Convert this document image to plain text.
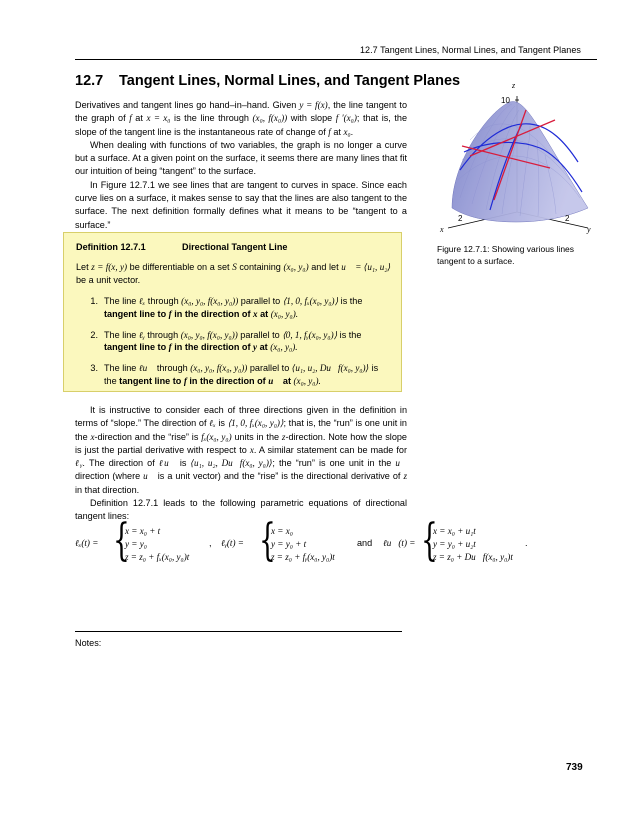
12.7 Tangent Lines, Normal Lines, and Tangent Planes
12.7 Tangent Lines, Normal Lines, and Tangent Planes

Derivatives and tangent lines go hand–in–hand. Given y = f(x), the line tangent to the graph of f at x = x₀ is the line through (x₀, f(x₀)) with slope f ′(x₀); that is, the slope of the tangent line is the instantaneous rate of change of f at x₀.

When dealing with functions of two variables, the graph is no longer a curve but a surface. At a given point on the surface, it seems there are many lines that fit our intuition of being “tangent” to the surface.

In Figure 12.7.1 we see lines that are tangent to curves in space. Since each curve lies on a surface, it makes sense to say that the lines are also tangent to the surface. The next definition formally defines what it means to be “tangent to a surface.”

Definition 12.7.1	Directional Tangent Line
Let z = f(x, y) be differentiable on a set S containing (x₀, y₀) and let u⃗ = ⟨u₁, u₂⟩ be a unit vector.
1. The line ℓₓ through (x₀, y₀, f(x₀, y₀)) parallel to ⟨1, 0, fₓ(x₀, y₀)⟩ is the tangent line to f in the direction of x at (x₀, y₀).
2. The line ℓᵧ through (x₀, y₀, f(x₀, y₀)) parallel to ⟨0, 1, fᵧ(x₀, y₀)⟩ is the tangent line to f in the direction of y at (x₀, y₀).
3. The line ℓu⃗ through (x₀, y₀, f(x₀, y₀)) parallel to ⟨u₁, u₂, Du⃗f(x₀, y₀)⟩ is the tangent line to f in the direction of u⃗ at (x₀, y₀).

It is instructive to consider each of three directions given in the definition in terms of “slope.” The direction of ℓₓ is ⟨1, 0, fₓ(x₀, y₀)⟩; that is, the “run” is one unit in the x-direction and the “rise” is fₓ(x₀, y₀) units in the z-direction. Note how the slope is just the partial derivative with respect to x. A similar statement can be made for ℓᵧ. The direction of ℓu⃗ is ⟨u₁, u₂, Du⃗f(x₀, y₀)⟩; the “run” is one unit in the u⃗ direction (where u⃗ is a unit vector) and the “rise” is the directional derivative of z in that direction.

Definition 12.7.1 leads to the following parametric equations of directional tangent lines:

ℓₓ(t) = {
x = x₀ + t
y = y₀
z = z₀ + fₓ(x₀, y₀)t
, ℓᵧ(t) = {
x = x₀
y = y₀ + t
z = z₀ + fᵧ(x₀, y₀)t
and ℓu⃗(t) = {
x = x₀ + u₁t
y = y₀ + u₂t
z = z₀ + Du⃗f(x₀, y₀)t
.
z
10
2	2
x	y
Figure 12.7.1: Showing various lines tangent to a surface.
Notes:
739
